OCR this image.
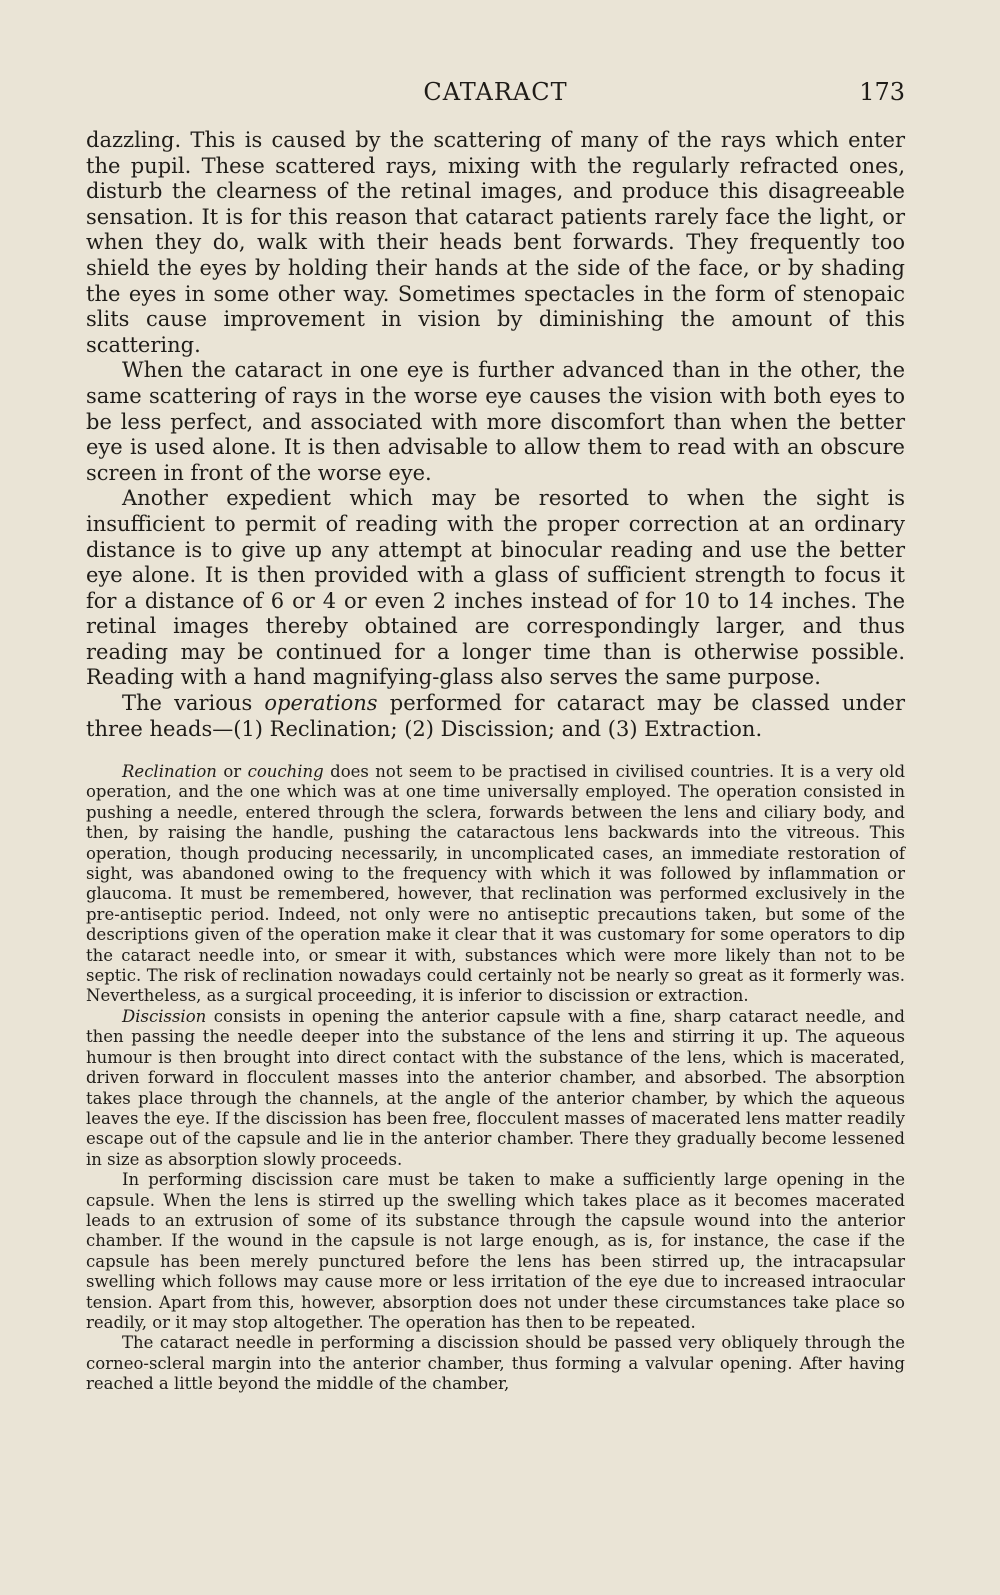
CATARACT	173

dazzling. This is caused by the scattering of many of the rays which enter the pupil. These scattered rays, mixing with the regularly refracted ones, disturb the clearness of the retinal images, and produce this disagreeable sensation. It is for this reason that cataract patients rarely face the light, or when they do, walk with their heads bent forwards. They frequently too shield the eyes by holding their hands at the side of the face, or by shading the eyes in some other way. Sometimes spectacles in the form of stenopaic slits cause improvement in vision by diminishing the amount of this scattering.

When the cataract in one eye is further advanced than in the other, the same scattering of rays in the worse eye causes the vision with both eyes to be less perfect, and associated with more discomfort than when the better eye is used alone. It is then advisable to allow them to read with an obscure screen in front of the worse eye.

Another expedient which may be resorted to when the sight is insufficient to permit of reading with the proper correction at an ordinary distance is to give up any attempt at binocular reading and use the better eye alone. It is then provided with a glass of sufficient strength to focus it for a distance of 6 or 4 or even 2 inches instead of for 10 to 14 inches. The retinal images thereby obtained are correspondingly larger, and thus reading may be continued for a longer time than is otherwise possible. Reading with a hand magnifying-glass also serves the same purpose.

The various operations performed for cataract may be classed under three heads—(1) Reclination; (2) Discission; and (3) Extraction.

Reclination or couching does not seem to be practised in civilised countries. It is a very old operation, and the one which was at one time universally employed. The operation consisted in pushing a needle, entered through the sclera, forwards between the lens and ciliary body, and then, by raising the handle, pushing the cataractous lens backwards into the vitreous. This operation, though producing necessarily, in uncomplicated cases, an immediate restoration of sight, was abandoned owing to the frequency with which it was followed by inflammation or glaucoma. It must be remembered, however, that reclination was performed exclusively in the pre-antiseptic period. Indeed, not only were no antiseptic precautions taken, but some of the descriptions given of the operation make it clear that it was customary for some operators to dip the cataract needle into, or smear it with, substances which were more likely than not to be septic. The risk of reclination nowadays could certainly not be nearly so great as it formerly was. Nevertheless, as a surgical proceeding, it is inferior to discission or extraction.

Discission consists in opening the anterior capsule with a fine, sharp cataract needle, and then passing the needle deeper into the substance of the lens and stirring it up. The aqueous humour is then brought into direct contact with the substance of the lens, which is macerated, driven forward in flocculent masses into the anterior chamber, and absorbed. The absorption takes place through the channels, at the angle of the anterior chamber, by which the aqueous leaves the eye. If the discission has been free, flocculent masses of macerated lens matter readily escape out of the capsule and lie in the anterior chamber. There they gradually become lessened in size as absorption slowly proceeds.

In performing discission care must be taken to make a sufficiently large opening in the capsule. When the lens is stirred up the swelling which takes place as it becomes macerated leads to an extrusion of some of its substance through the capsule wound into the anterior chamber. If the wound in the capsule is not large enough, as is, for instance, the case if the capsule has been merely punctured before the lens has been stirred up, the intracapsular swelling which follows may cause more or less irritation of the eye due to increased intraocular tension. Apart from this, however, absorption does not under these circumstances take place so readily, or it may stop altogether. The operation has then to be repeated.

The cataract needle in performing a discission should be passed very obliquely through the corneo-scleral margin into the anterior chamber, thus forming a valvular opening. After having reached a little beyond the middle of the chamber,
